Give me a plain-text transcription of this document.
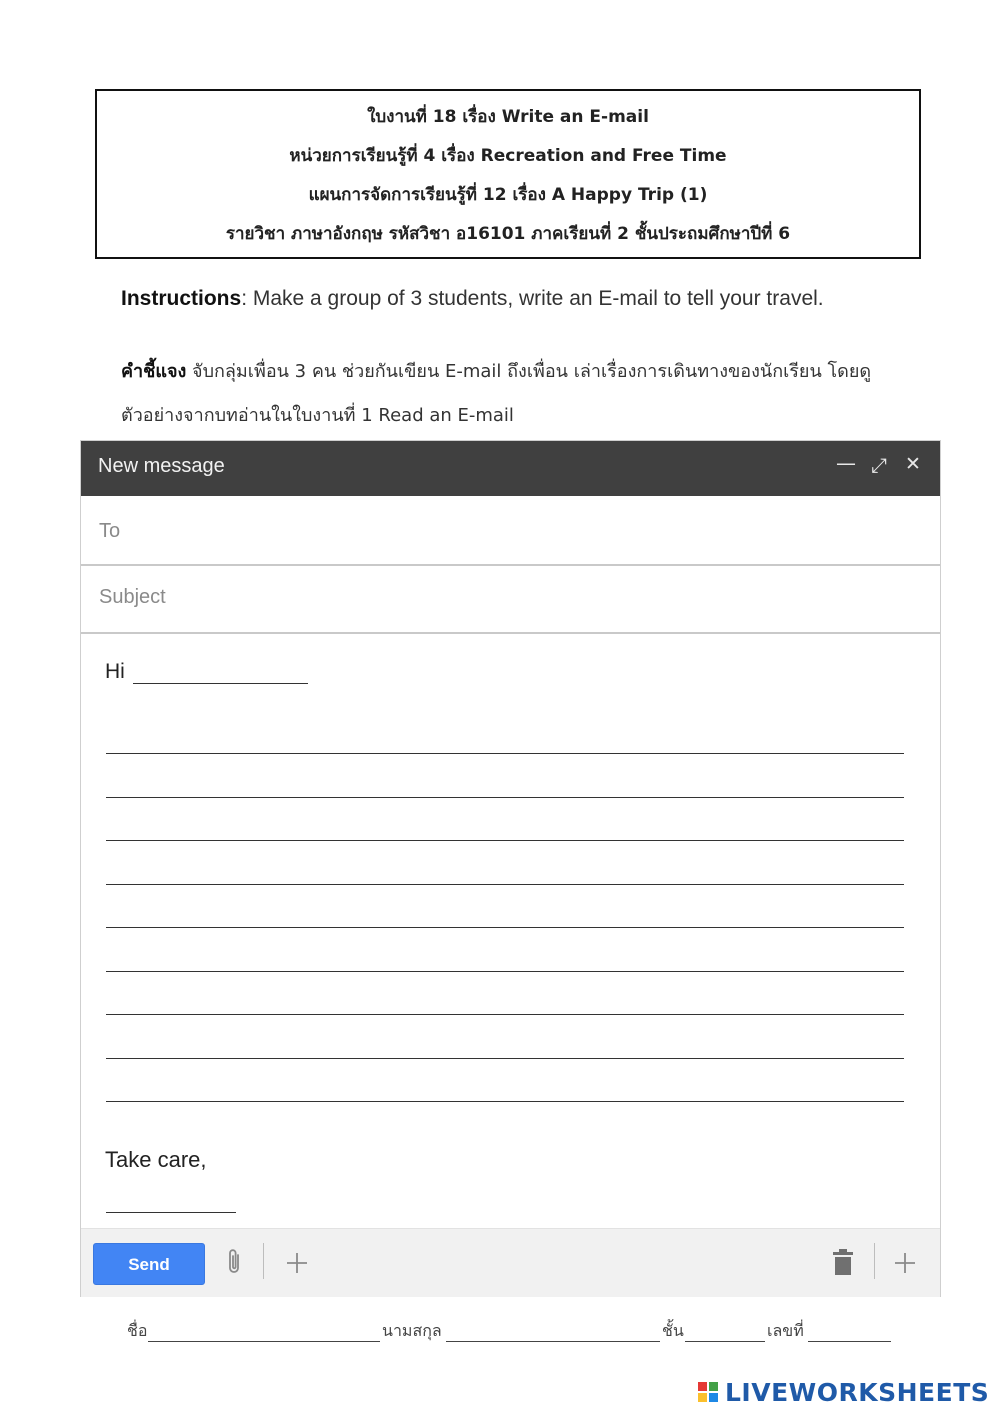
ใบงานที่ 18 เรื่อง Write an E-mail
หน่วยการเรียนรู้ที่ 4 เรื่อง Recreation and Free Time
แผนการจัดการเรียนรู้ที่ 12 เรื่อง A Happy Trip (1)
รายวิชา ภาษาอังกฤษ รหัสวิชา อ16101 ภาคเรียนที่ 2 ชั้นประถมศึกษาปีที่ 6
Instructions: Make a group of 3 students, write an E-mail to tell your travel.
คำชี้แจง จับกลุ่มเพื่อน 3 คน ช่วยกันเขียน E-mail ถึงเพื่อน เล่าเรื่องการเดินทางของนักเรียน โดยดูตัวอย่างจากบทอ่านในใบงานที่ 1 Read an E-mail
New message	— ⤢ ✕
To
Subject
Hi
Take care,
Send
ชื่อ	นามสกุล	ชั้น	เลขที่
LIVEWORKSHEETS
